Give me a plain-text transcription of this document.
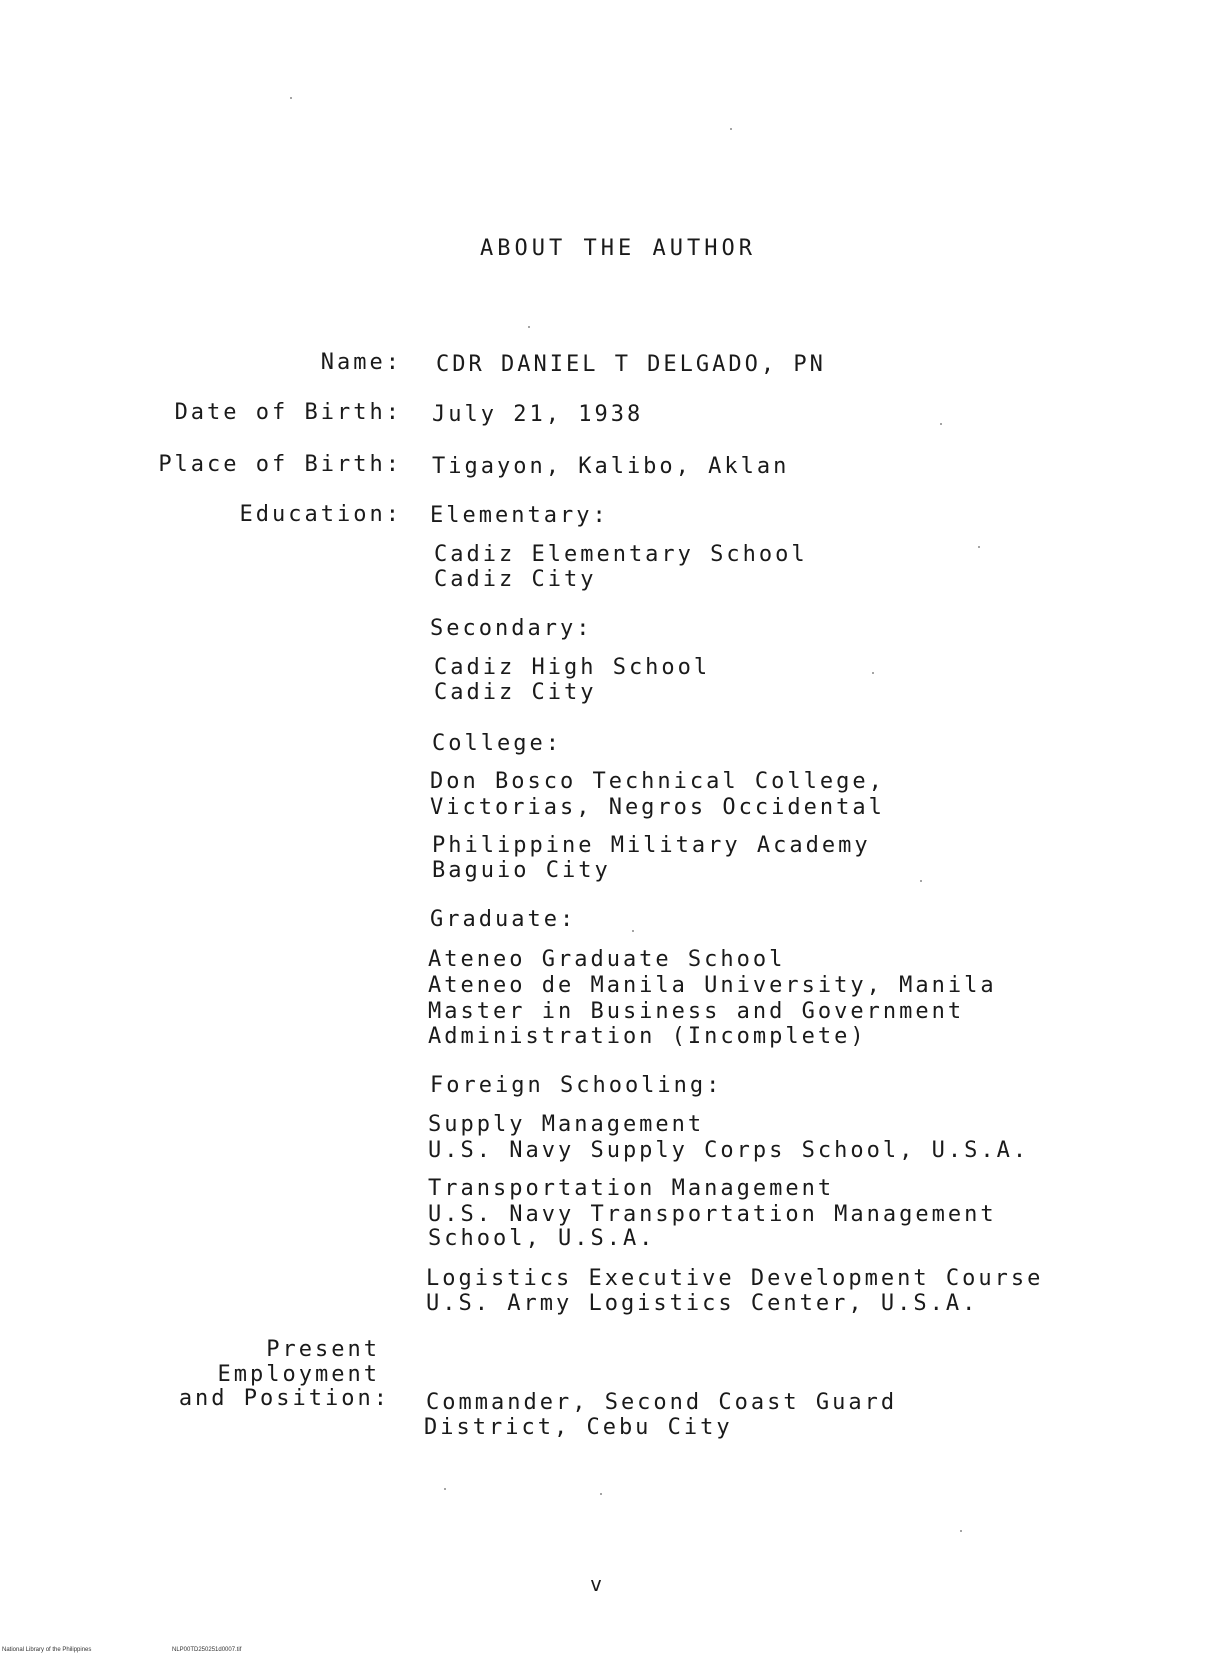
ABOUT THE AUTHOR
Name: CDR DANIEL T DELGADO, PN
Date of Birth: July 21, 1938
Place of Birth: Tigayon, Kalibo, Aklan
Education: Elementary:
Cadiz Elementary School
Cadiz City
Secondary:
Cadiz High School
Cadiz City
College:
Don Bosco Technical College,
Victorias, Negros Occidental
Philippine Military Academy
Baguio City
Graduate:
Ateneo Graduate School
Ateneo de Manila University, Manila
Master in Business and Government
Administration (Incomplete)
Foreign Schooling:
Supply Management
U.S. Navy Supply Corps School, U.S.A.
Transportation Management
U.S. Navy Transportation Management
School, U.S.A.
Logistics Executive Development Course
U.S. Army Logistics Center, U.S.A.
Present
Employment
and Position: Commander, Second Coast Guard
District, Cebu City
v
National Library of the Philippines	NLP00TD250251d0007.tif
